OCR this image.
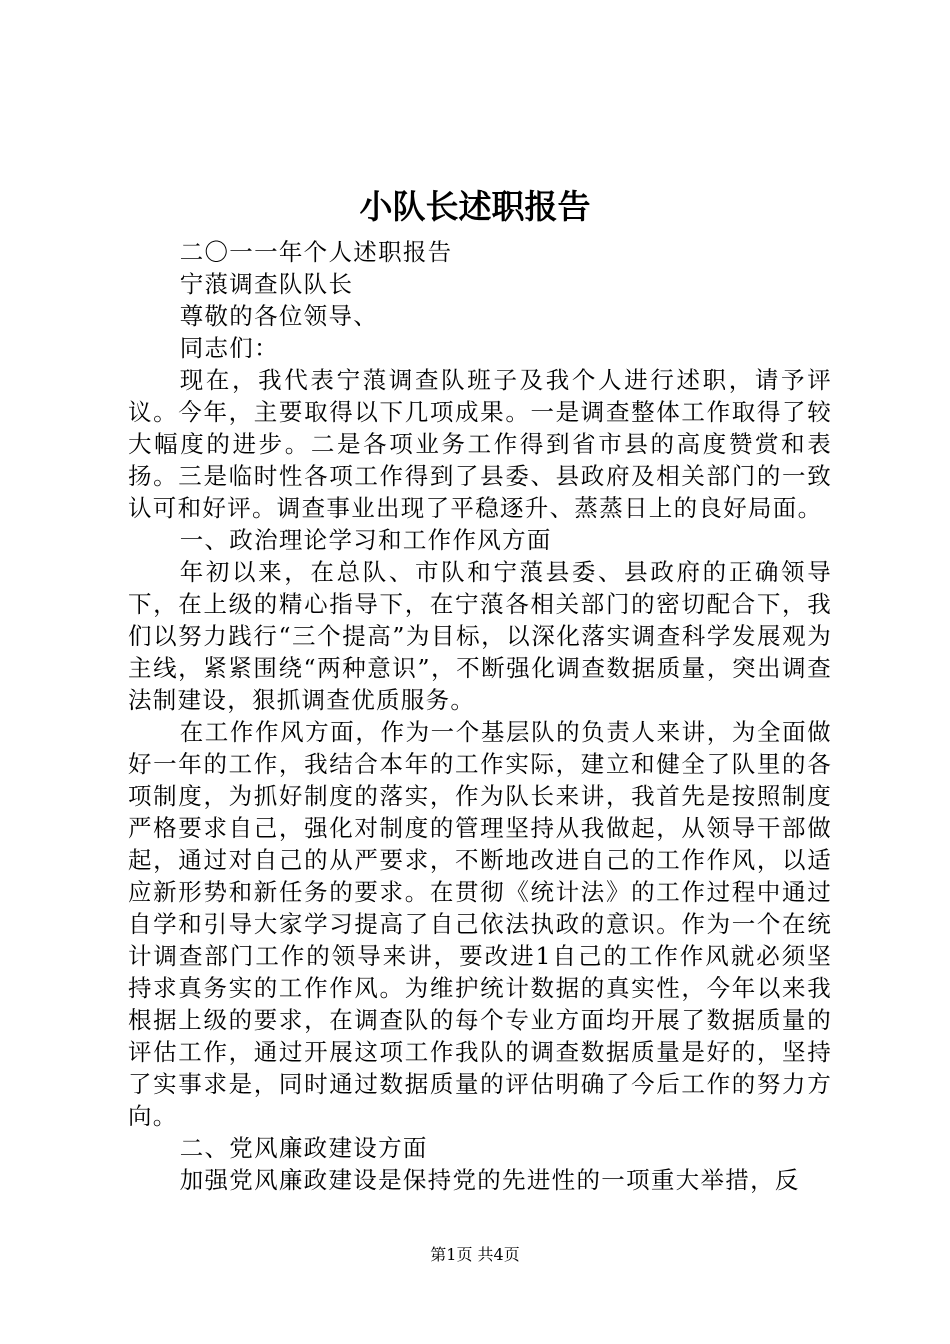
小队长述职报告

二〇一一年个人述职报告

宁蒗调查队队长

尊敬的各位领导、

同志们：

现在，我代表宁蒗调查队班子及我个人进行述职，请予评议。今年，主要取得以下几项成果。一是调查整体工作取得了较大幅度的进步。二是各项业务工作得到省市县的高度赞赏和表扬。三是临时性各项工作得到了县委、县政府及相关部门的一致认可和好评。调查事业出现了平稳逐升、蒸蒸日上的良好局面。

一、政治理论学习和工作作风方面

年初以来，在总队、市队和宁蒗县委、县政府的正确领导下，在上级的精心指导下，在宁蒗各相关部门的密切配合下，我们以努力践行“三个提高”为目标，以深化落实调查科学发展观为主线，紧紧围绕“两种意识”，不断强化调查数据质量，突出调查法制建设，狠抓调查优质服务。

在工作作风方面，作为一个基层队的负责人来讲，为全面做好一年的工作，我结合本年的工作实际，建立和健全了队里的各项制度，为抓好制度的落实，作为队长来讲，我首先是按照制度严格要求自己，强化对制度的管理坚持从我做起，从领导干部做起，通过对自己的从严要求，不断地改进自己的工作作风，以适应新形势和新任务的要求。在贯彻《统计法》的工作过程中通过自学和引导大家学习提高了自己依法执政的意识。作为一个在统计调查部门工作的领导来讲，要改进1自己的工作作风就必须坚持求真务实的工作作风。为维护统计数据的真实性，今年以来我根据上级的要求，在调查队的每个专业方面均开展了数据质量的评估工作，通过开展这项工作我队的调查数据质量是好的，坚持了实事求是，同时通过数据质量的评估明确了今后工作的努力方向。

二、党风廉政建设方面

加强党风廉政建设是保持党的先进性的一项重大举措，反

第1页 共4页
